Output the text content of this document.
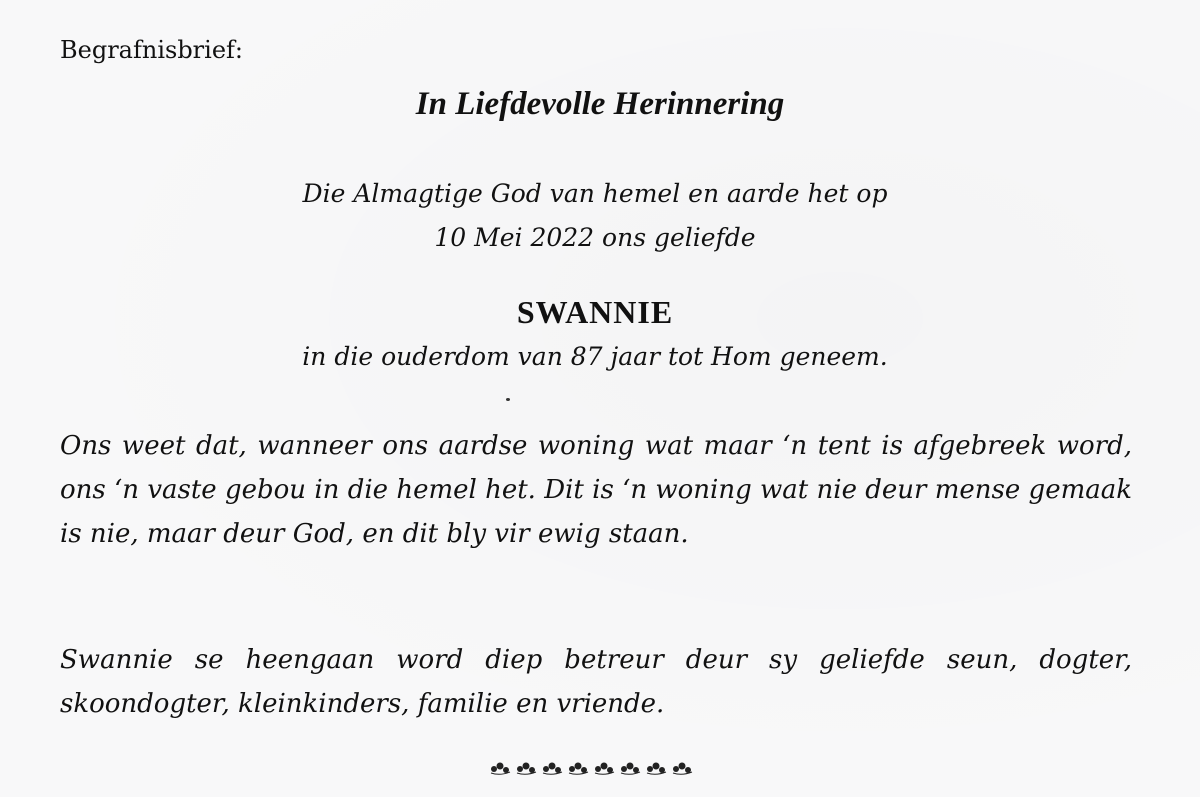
Begrafnisbrief:
In Liefdevolle Herinnering
Die Almagtige God van hemel en aarde het op
10 Mei 2022 ons geliefde
SWANNIE
in die ouderdom van 87 jaar tot Hom geneem.

Ons weet dat, wanneer ons aardse woning wat maar ‘n tent is afgebreek word, ons ‘n vaste gebou in die hemel het. Dit is ‘n woning wat nie deur mense gemaak is nie, maar deur God, en dit bly vir ewig staan.

Swannie se heengaan word diep betreur deur sy geliefde seun, dogter, skoondogter, kleinkinders, familie en vriende.
